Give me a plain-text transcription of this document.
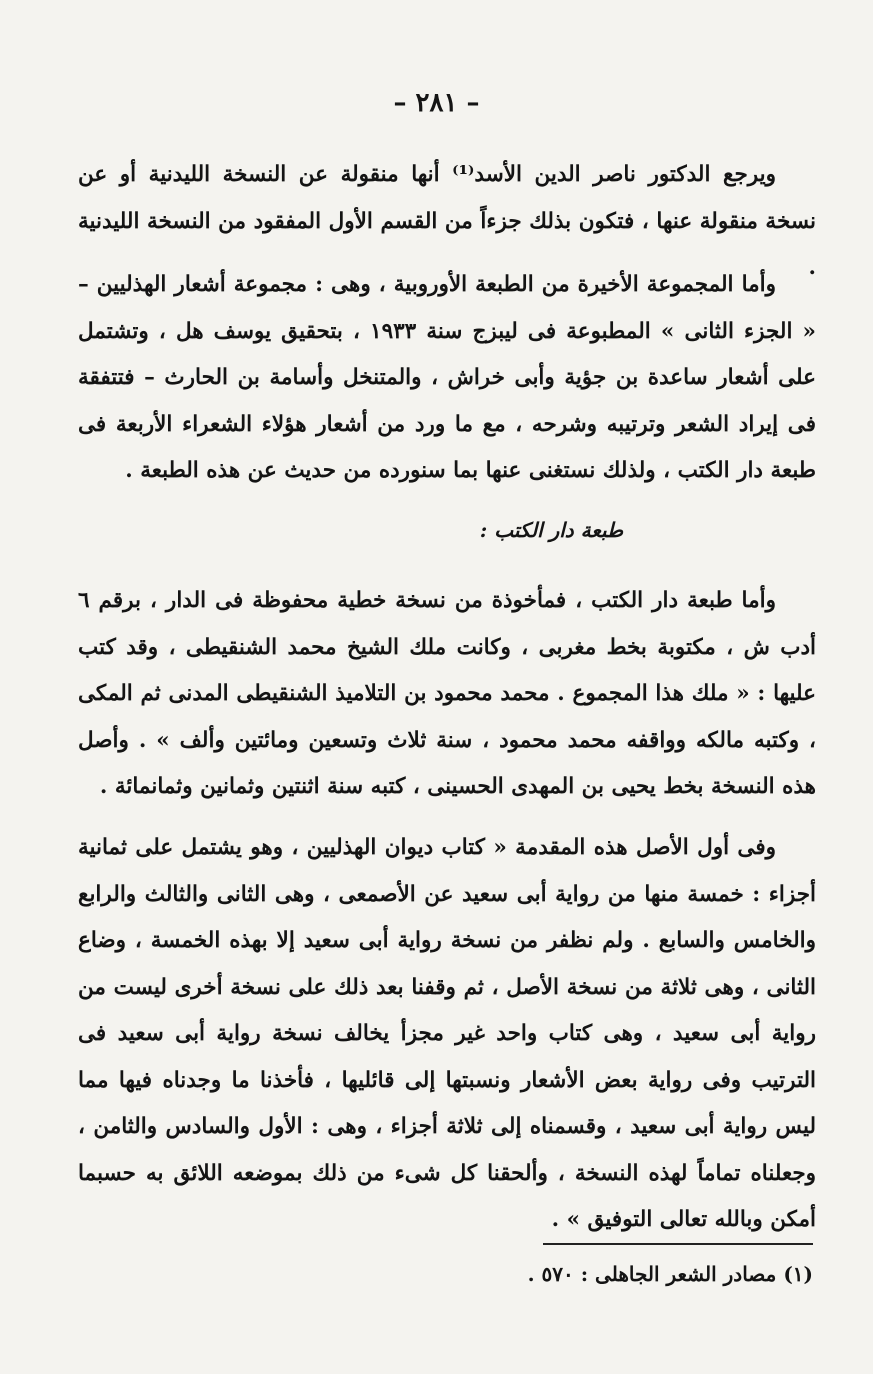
– ٢٨١ –

ويرجع الدكتور ناصر الدين الأسد⁽¹⁾ أنها منقولة عن النسخة الليدنية أو عن نسخة منقولة عنها ، فتكون بذلك جزءاً من القسم الأول المفقود من النسخة الليدنية .

وأما المجموعة الأخيرة من الطبعة الأوروبية ، وهى : مجموعة أشعار الهذليين – « الجزء الثانى » المطبوعة فى ليبزج سنة ١٩٣٣ ، بتحقيق يوسف هل ، وتشتمل على أشعار ساعدة بن جؤية وأبى خراش ، والمتنخل وأسامة بن الحارث – فتتفقة فى إيراد الشعر وترتيبه وشرحه ، مع ما ورد من أشعار هؤلاء الشعراء الأربعة فى طبعة دار الكتب ، ولذلك نستغنى عنها بما سنورده من حديث عن هذه الطبعة .

طبعة دار الكتب :

وأما طبعة دار الكتب ، فمأخوذة من نسخة خطية محفوظة فى الدار ، برقم ٦ أدب ش ، مكتوبة بخط مغربى ، وكانت ملك الشيخ محمد الشنقيطى ، وقد كتب عليها : « ملك هذا المجموع . محمد محمود بن التلاميذ الشنقيطى المدنى ثم المكى ، وكتبه مالكه وواقفه محمد محمود ، سنة ثلاث وتسعين ومائتين وألف » . وأصل هذه النسخة بخط يحيى بن المهدى الحسينى ، كتبه سنة اثنتين وثمانين وثمانمائة .

وفى أول الأصل هذه المقدمة « كتاب ديوان الهذليين ، وهو يشتمل على ثمانية أجزاء : خمسة منها من رواية أبى سعيد عن الأصمعى ، وهى الثانى والثالث والرابع والخامس والسابع . ولم نظفر من نسخة رواية أبى سعيد إلا بهذه الخمسة ، وضاع الثانى ، وهى ثلاثة من نسخة الأصل ، ثم وقفنا بعد ذلك على نسخة أخرى ليست من رواية أبى سعيد ، وهى كتاب واحد غير مجزأ يخالف نسخة رواية أبى سعيد فى الترتيب وفى رواية بعض الأشعار ونسبتها إلى قائليها ، فأخذنا ما وجدناه فيها مما ليس رواية أبى سعيد ، وقسمناه إلى ثلاثة أجزاء ، وهى : الأول والسادس والثامن ، وجعلناه تماماً لهذه النسخة ، وألحقنا كل شىء من ذلك بموضعه اللائق به حسبما أمكن وبالله تعالى التوفيق » .

(١) مصادر الشعر الجاهلى : ٥٧٠ .
